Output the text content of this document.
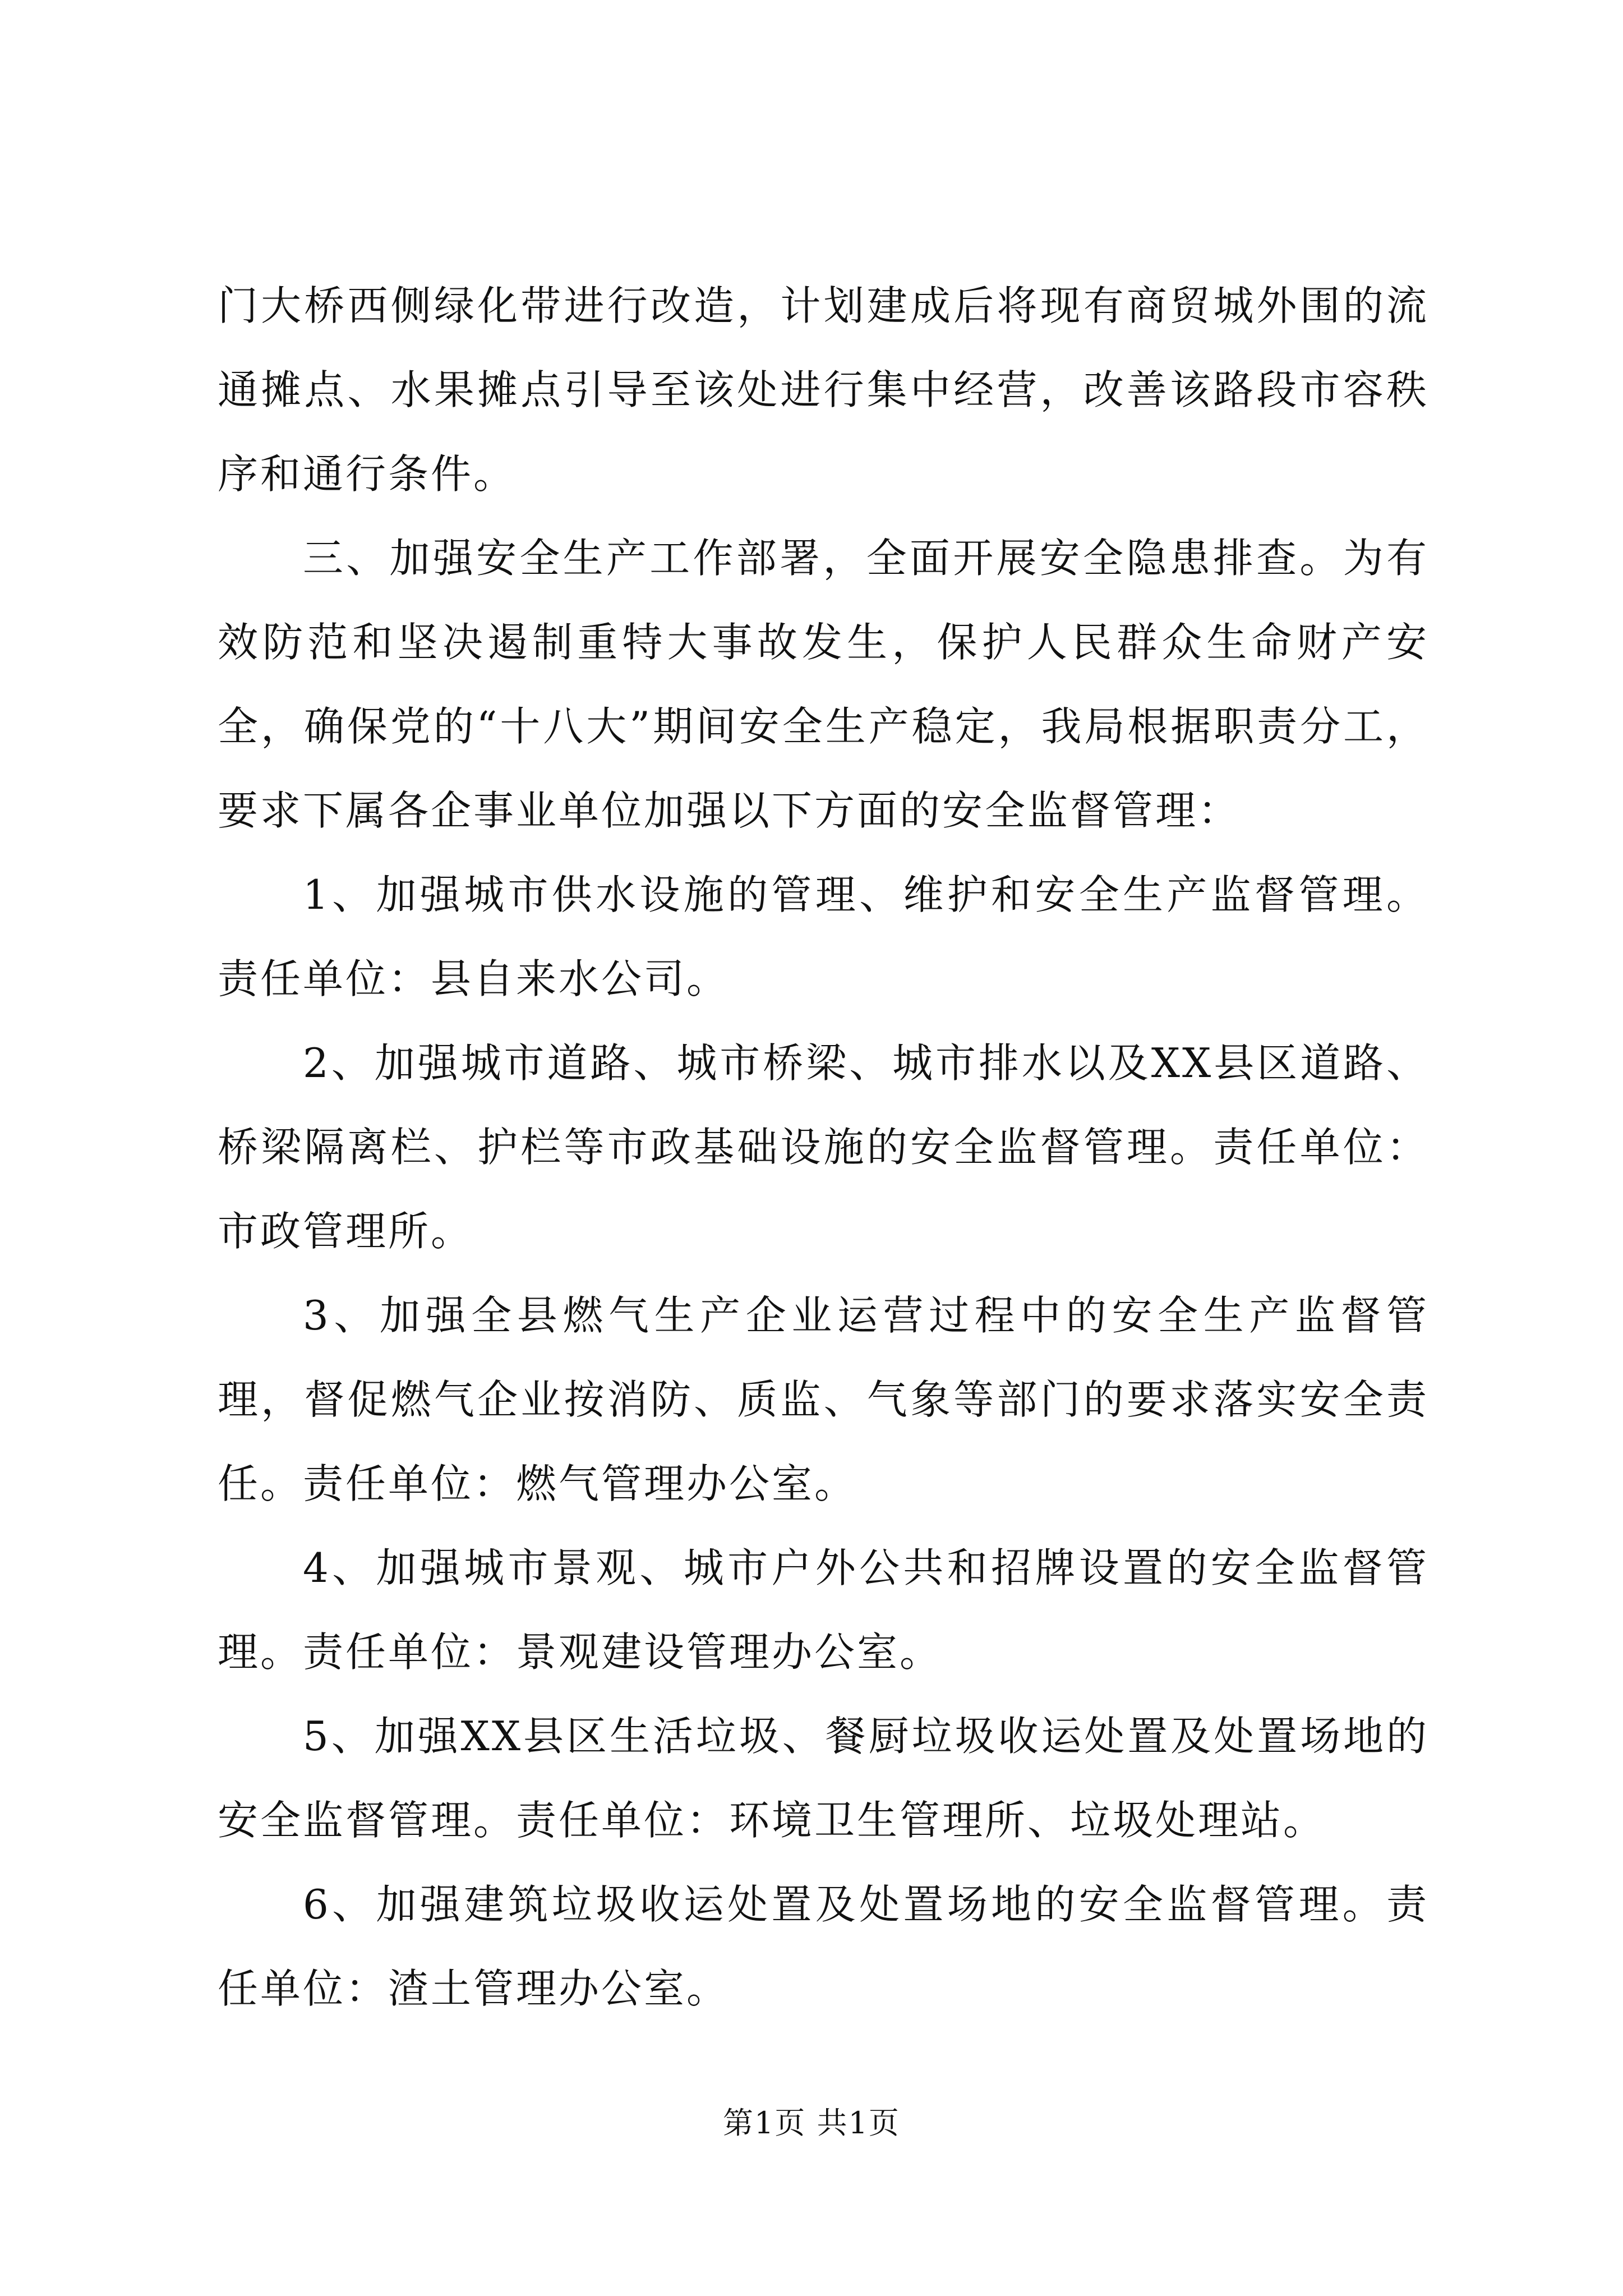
门大桥西侧绿化带进行改造，计划建成后将现有商贸城外围的流通摊点、水果摊点引导至该处进行集中经营，改善该路段市容秩序和通行条件。

三、加强安全生产工作部署，全面开展安全隐患排查。为有效防范和坚决遏制重特大事故发生，保护人民群众生命财产安全，确保党的“十八大”期间安全生产稳定，我局根据职责分工，要求下属各企事业单位加强以下方面的安全监督管理：

1、加强城市供水设施的管理、维护和安全生产监督管理。责任单位：县自来水公司。

2、加强城市道路、城市桥梁、城市排水以及XX县区道路、桥梁隔离栏、护栏等市政基础设施的安全监督管理。责任单位：市政管理所。

3、加强全县燃气生产企业运营过程中的安全生产监督管理，督促燃气企业按消防、质监、气象等部门的要求落实安全责任。责任单位：燃气管理办公室。

4、加强城市景观、城市户外公共和招牌设置的安全监督管理。责任单位：景观建设管理办公室。

5、加强XX县区生活垃圾、餐厨垃圾收运处置及处置场地的安全监督管理。责任单位：环境卫生管理所、垃圾处理站。

6、加强建筑垃圾收运处置及处置场地的安全监督管理。责任单位：渣土管理办公室。

第1页 共1页
